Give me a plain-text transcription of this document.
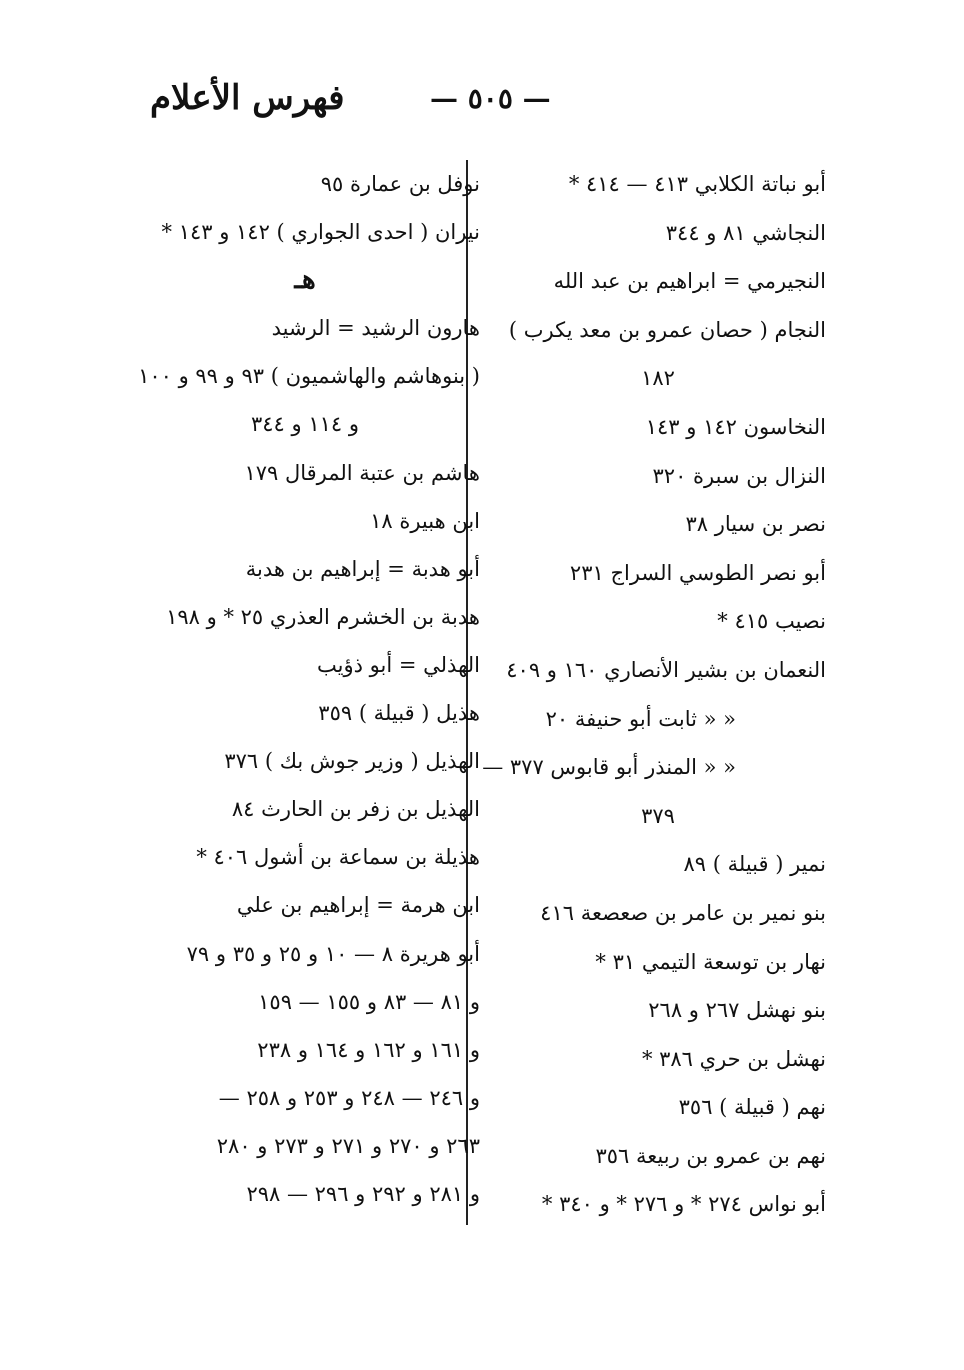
فهرس الأعلام	— ٥٠٥ —
أبو نباتة الكلابي ٤١٣ — ٤١٤ *
النجاشي ٨١ و ٣٤٤
النجيرمي = ابراهيم بن عبد الله
النجام ( حصان عمرو بن معد يكرب )
١٨٢
النخاسون ١٤٢ و ١٤٣
النزال بن سبرة ٣٢٠
نصر بن سيار ٣٨
أبو نصر الطوسي السراج ٢٣١
نصيب ٤١٥ *
النعمان بن بشير الأنصاري ١٦٠ و ٤٠٩
« « ثابت أبو حنيفة ٢٠
« « المنذر أبو قابوس ٣٧٧ —
٣٧٩
نمير ( قبيلة ) ٨٩
بنو نمير بن عامر بن صعصعة ٤١٦
نهار بن توسعة التيمي ٣١ *
بنو نهشل ٢٦٧ و ٢٦٨
نهشل بن حري ٣٨٦ *
نهم ( قبيلة ) ٣٥٦
نهم بن عمرو بن ربيعة ٣٥٦
أبو نواس ٢٧٤ * و ٢٧٦ * و ٣٤٠ *
نوفل بن عمارة ٩٥
نيران ( احدى الجواري ) ١٤٢ و ١٤٣ *
هـ
هارون الرشيد = الرشيد
( بنوهاشم والهاشميون ) ٩٣ و ٩٩ و ١٠٠
و ١١٤ و ٣٤٤
هاشم بن عتبة المرقال ١٧٩
ابن هبيرة ١٨
أبو هدبة = إبراهيم بن هدبة
هدبة بن الخشرم العذري ٢٥ * و ١٩٨
الهذلي = أبو ذؤيب
هذيل ( قبيلة ) ٣٥٩
الهذيل ( وزير جوش بك ) ٣٧٦
الهذيل بن زفر بن الحارث ٨٤
هذيلة بن سماعة بن أشول ٤٠٦ *
ابن هرمة = إبراهيم بن علي
أبو هريرة ٨ — ١٠ و ٢٥ و ٣٥ و ٧٩
و ٨١ — ٨٣ و ١٥٥ — ١٥٩
و ١٦١ و ١٦٢ و ١٦٤ و ٢٣٨
و ٢٤٦ — ٢٤٨ و ٢٥٣ و ٢٥٨ —
٢٦٣ و ٢٧٠ و ٢٧١ و ٢٧٣ و ٢٨٠
و ٢٨١ و ٢٩٢ و ٢٩٦ — ٢٩٨
